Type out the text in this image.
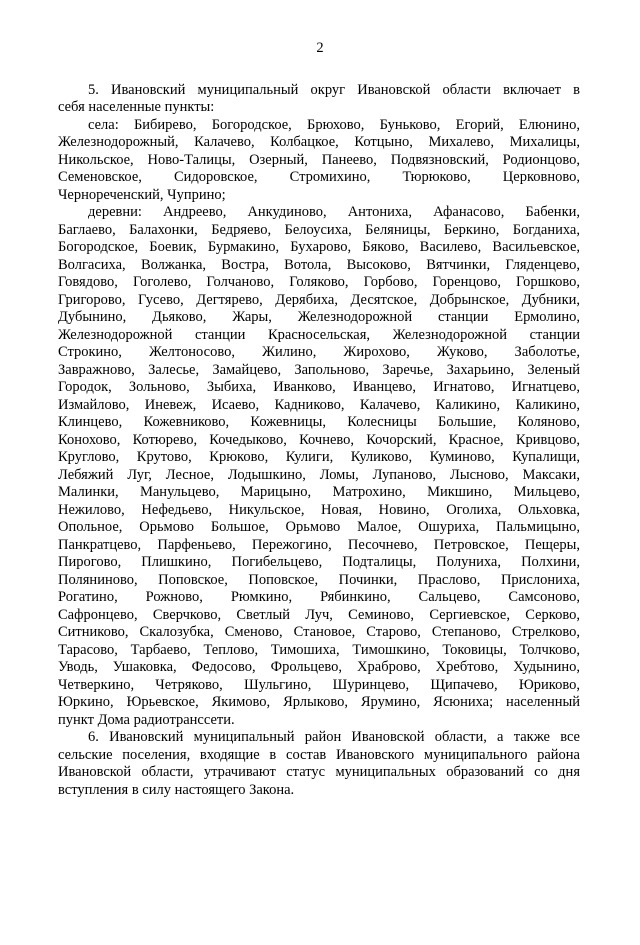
2
5. Ивановский муниципальный округ Ивановской области включает в
себя населенные пункты:
села: Бибирево, Богородское, Брюхово, Буньково, Егорий, Елюнино,
Железнодорожный, Калачево, Колбацкое, Котцыно, Михалево, Михалицы,
Никольское, Ново-Талицы, Озерный, Панеево, Подвязновский, Родионцово,
Семеновское, Сидоровское, Стромихино, Тюрюково, Церковново,
Чернореченский, Чуприно;
деревни: Андреево, Анкудиново, Антониха, Афанасово, Бабенки,
Баглаево, Балахонки, Бедряево, Белоусиха, Беляницы, Беркино, Богданиха,
Богородское, Боевик, Бурмакино, Бухарово, Бяково, Василево, Васильевское,
Волгасиха, Волжанка, Востра, Вотола, Высоково, Вятчинки, Гляденцево,
Говядово, Гоголево, Голчаново, Голяково, Горбово, Горенцово, Горшково,
Григорово, Гусево, Дегтярево, Дерябиха, Десятское, Добрынское, Дубники,
Дубынино, Дьяково, Жары, Железнодорожной станции Ермолино,
Железнодорожной станции Красносельская, Железнодорожной станции
Строкино, Желтоносово, Жилино, Жирохово, Жуково, Заболотье,
Завражново, Залесье, Замайцево, Запольново, Заречье, Захарьино, Зеленый
Городок, Зольново, Зыбиха, Иванково, Иванцево, Игнатово, Игнатцево,
Измайлово, Иневеж, Исаево, Кадниково, Калачево, Каликино, Каликино,
Клинцево, Кожевниково, Кожевницы, Колесницы Большие, Коляново,
Конохово, Котюрево, Кочедыково, Кочнево, Кочорский, Красное, Кривцово,
Круглово, Крутово, Крюково, Кулиги, Куликово, Куминово, Купалищи,
Лебяжий Луг, Лесное, Лодышкино, Ломы, Лупаново, Лысново, Максаки,
Малинки, Манульцево, Марицыно, Матрохино, Микшино, Мильцево,
Нежилово, Нефедьево, Никульское, Новая, Новино, Оголиха, Ольховка,
Опольное, Орьмово Большое, Орьмово Малое, Ошуриха, Пальмицыно,
Панкратцево, Парфеньево, Пережогино, Песочнево, Петровское, Пещеры,
Пирогово, Плишкино, Погибельцево, Подталицы, Полуниха, Полхини,
Поляниново, Поповское, Поповское, Починки, Праслово, Прислониха,
Рогатино, Рожново, Рюмкино, Рябинкино, Сальцево, Самсоново,
Сафронцево, Сверчково, Светлый Луч, Семиново, Сергиевское, Серково,
Ситниково, Скалозубка, Сменово, Становое, Старово, Степаново, Стрелково,
Тарасово, Тарбаево, Теплово, Тимошиха, Тимошкино, Токовицы, Толчково,
Уводь, Ушаковка, Федосово, Фрольцево, Храброво, Хребтово, Худынино,
Четверкино, Четряково, Шульгино, Шуринцево, Щипачево, Юриково,
Юркино, Юрьевское, Якимово, Ярлыково, Ярумино, Ясюниха; населенный
пункт Дома радиотранссети.
6. Ивановский муниципальный район Ивановской области, а также все
сельские поселения, входящие в состав Ивановского муниципального района
Ивановской области, утрачивают статус муниципальных образований со дня
вступления в силу настоящего Закона.
